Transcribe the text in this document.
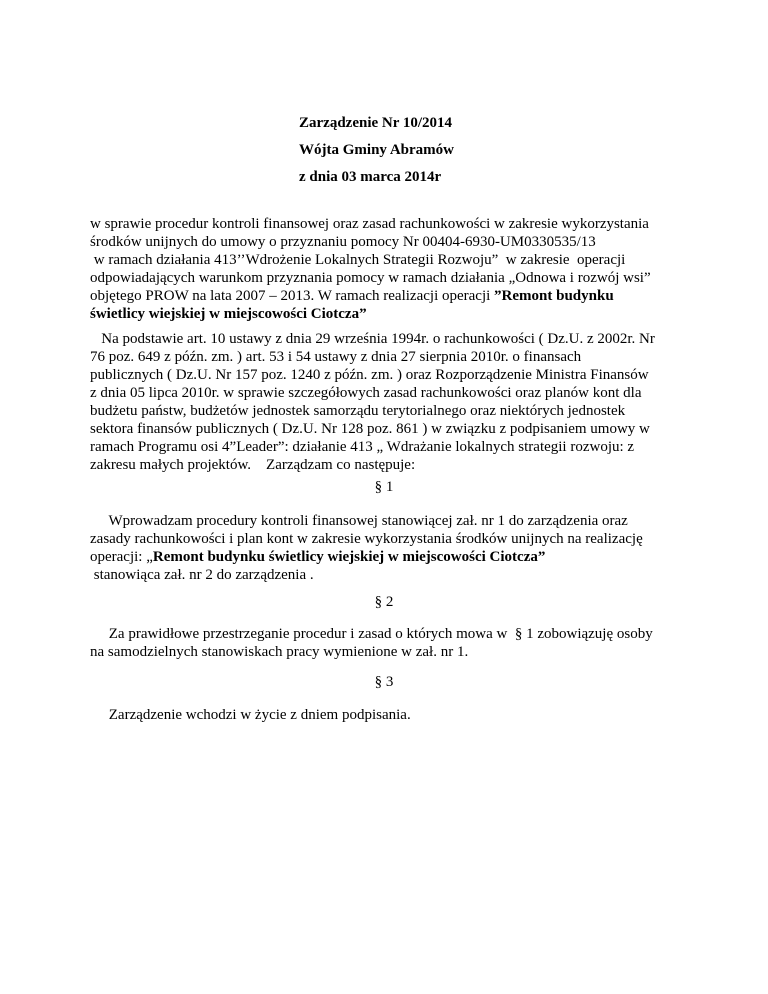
Zarządzenie Nr 10/2014
Wójta Gminy Abramów
z dnia 03 marca 2014r
w sprawie procedur kontroli finansowej oraz zasad rachunkowości w zakresie wykorzystania
środków unijnych do umowy o przyznaniu pomocy Nr 00404-6930-UM0330535/13
w ramach działania 413’’Wdrożenie Lokalnych Strategii Rozwoju”  w zakresie  operacji
odpowiadających warunkom przyznania pomocy w ramach działania „Odnowa i rozwój wsi”
objętego PROW na lata 2007 – 2013. W ramach realizacji operacji ”Remont budynku
świetlicy wiejskiej w miejscowości Ciotcza”
Na podstawie art. 10 ustawy z dnia 29 września 1994r. o rachunkowości ( Dz.U. z 2002r. Nr
76 poz. 649 z późn. zm. ) art. 53 i 54 ustawy z dnia 27 sierpnia 2010r. o finansach
publicznych ( Dz.U. Nr 157 poz. 1240 z późn. zm. ) oraz Rozporządzenie Ministra Finansów
z dnia 05 lipca 2010r. w sprawie szczegółowych zasad rachunkowości oraz planów kont dla
budżetu państw, budżetów jednostek samorządu terytorialnego oraz niektórych jednostek
sektora finansów publicznych ( Dz.U. Nr 128 poz. 861 ) w związku z podpisaniem umowy w
ramach Programu osi 4”Leader”: działanie 413 „ Wdrażanie lokalnych strategii rozwoju: z
zakresu małych projektów.    Zarządzam co następuje:
§ 1
Wprowadzam procedury kontroli finansowej stanowiącej zał. nr 1 do zarządzenia oraz
zasady rachunkowości i plan kont w zakresie wykorzystania środków unijnych na realizację
operacji: „Remont budynku świetlicy wiejskiej w miejscowości Ciotcza”
stanowiąca zał. nr 2 do zarządzenia .
§ 2
Za prawidłowe przestrzeganie procedur i zasad o których mowa w  § 1 zobowiązuję osoby
na samodzielnych stanowiskach pracy wymienione w zał. nr 1.
§ 3
Zarządzenie wchodzi w życie z dniem podpisania.
